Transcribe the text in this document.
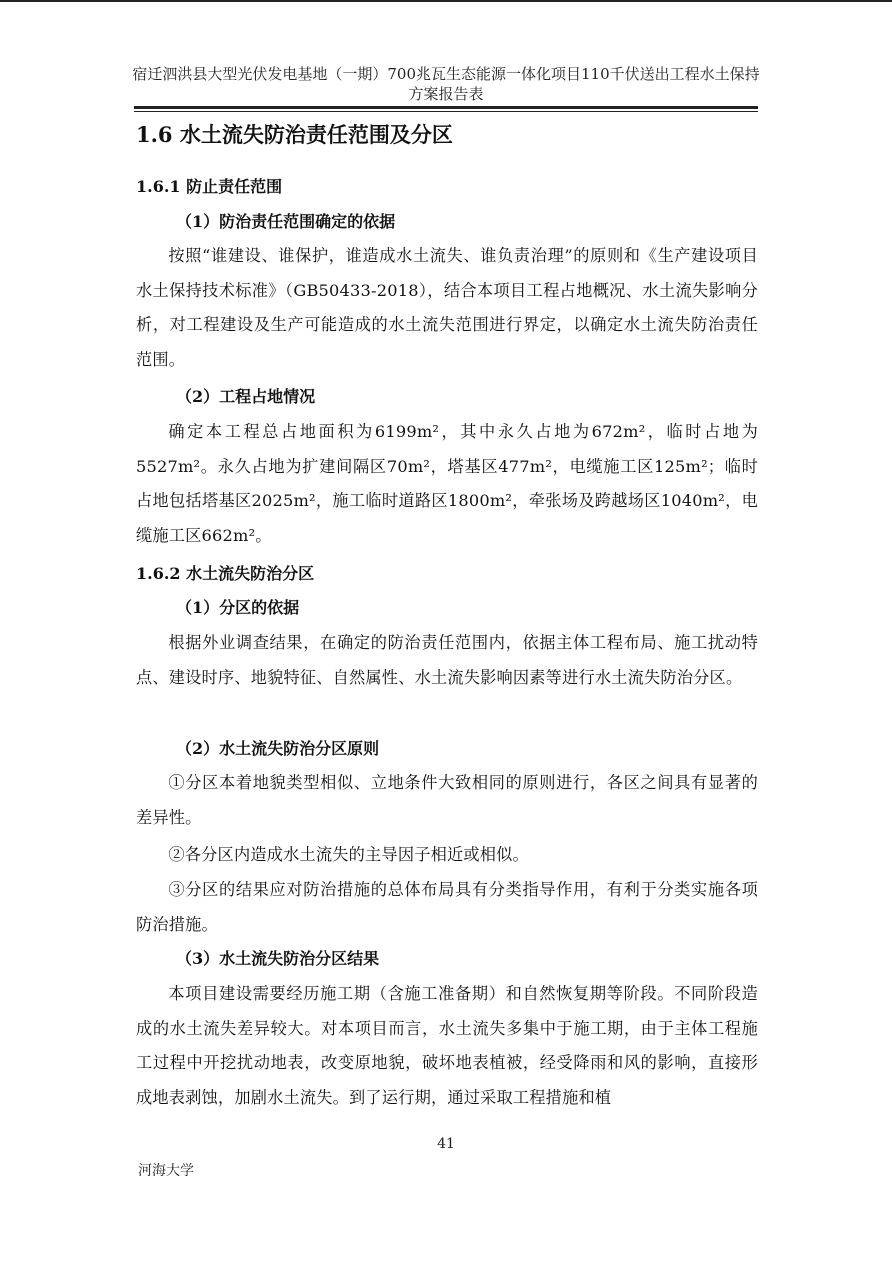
宿迁泗洪县大型光伏发电基地（一期）700兆瓦生态能源一体化项目110千伏送出工程水土保持方案报告表
1.6 水土流失防治责任范围及分区
1.6.1 防止责任范围
（1）防治责任范围确定的依据
按照“谁建设、谁保护，谁造成水土流失、谁负责治理”的原则和《生产建设项目水土保持技术标准》（GB50433-2018），结合本项目工程占地概况、水土流失影响分析，对工程建设及生产可能造成的水土流失范围进行界定，以确定水土流失防治责任范围。
（2）工程占地情况
确定本工程总占地面积为6199m²，其中永久占地为672m²，临时占地为5527m²。永久占地为扩建间隔区70m²，塔基区477m²，电缆施工区125m²；临时占地包括塔基区2025m²，施工临时道路区1800m²，牵张场及跨越场区1040m²，电缆施工区662m²。
1.6.2 水土流失防治分区
（1）分区的依据
根据外业调查结果，在确定的防治责任范围内，依据主体工程布局、施工扰动特点、建设时序、地貌特征、自然属性、水土流失影响因素等进行水土流失防治分区。
（2）水土流失防治分区原则
①分区本着地貌类型相似、立地条件大致相同的原则进行，各区之间具有显著的差异性。
②各分区内造成水土流失的主导因子相近或相似。
③分区的结果应对防治措施的总体布局具有分类指导作用，有利于分类实施各项防治措施。
（3）水土流失防治分区结果
本项目建设需要经历施工期（含施工准备期）和自然恢复期等阶段。不同阶段造成的水土流失差异较大。对本项目而言，水土流失多集中于施工期，由于主体工程施工过程中开挖扰动地表，改变原地貌，破坏地表植被，经受降雨和风的影响，直接形成地表剥蚀，加剧水土流失。到了运行期，通过采取工程措施和植
41
河海大学
